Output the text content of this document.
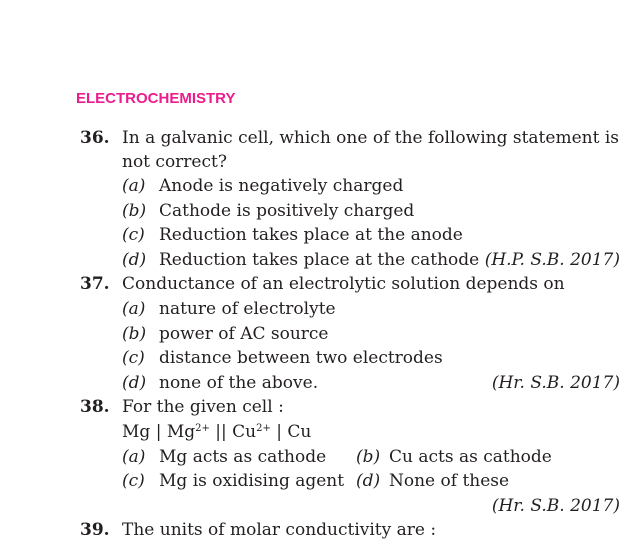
ELECTROCHEMISTRY
36. In a galvanic cell, which one of the following statement is
not correct?
(a) Anode is negatively charged
(b) Cathode is positively charged
(c) Reduction takes place at the anode
(d) Reduction takes place at the cathode (H.P. S.B. 2017)
37. Conductance of an electrolytic solution depends on
(a) nature of electrolyte
(b) power of AC source
(c) distance between two electrodes
(d) none of the above.	(Hr. S.B. 2017)
38. For the given cell :
Mg | $Mg^{2+}$ || $Cu^{2+}$ | Cu
(a) Mg acts as cathode (b) Cu acts as cathode
(c) Mg is oxidising agent (d) None of these
(Hr. S.B. 2017)
39. The units of molar conductivity are :
